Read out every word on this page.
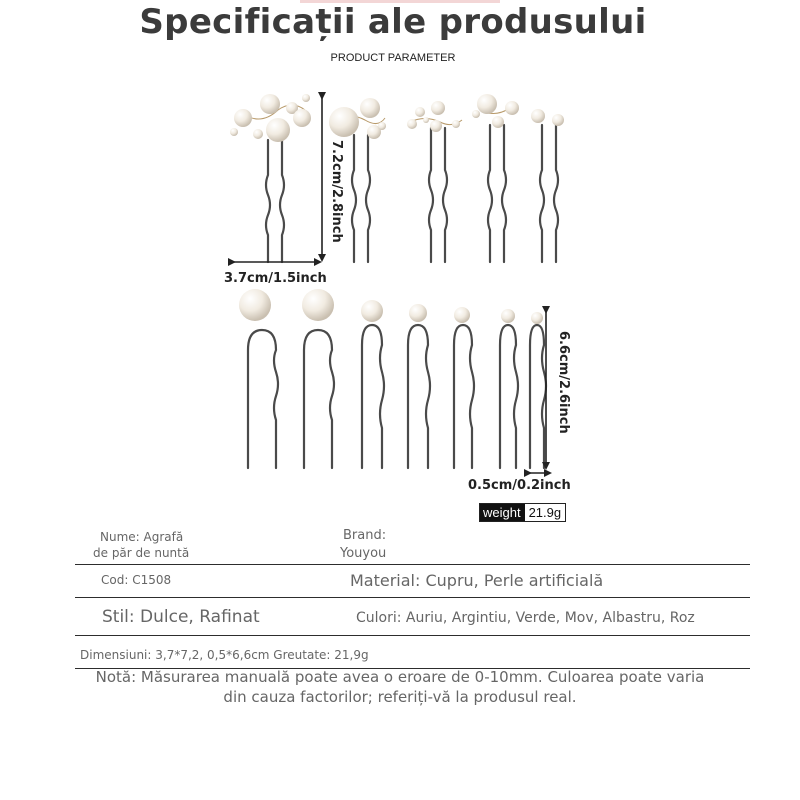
Specificații ale produsului
PRODUCT PARAMETER
7.2cm/2.8inch
3.7cm/1.5inch
6.6cm/2.6inch
0.5cm/0.2inch
weight 21.9g
Nume: Agrafă
de păr de nuntă
Brand:
Youyou
Cod: C1508	Material: Cupru, Perle artificială
Stil: Dulce, Rafinat	Culori: Auriu, Argintiu, Verde, Mov, Albastru, Roz
Dimensiuni: 3,7*7,2, 0,5*6,6cm Greutate: 21,9g
Notă: Măsurarea manuală poate avea o eroare de 0-10mm. Culoarea poate varia
din cauza factorilor; referiți-vă la produsul real.
